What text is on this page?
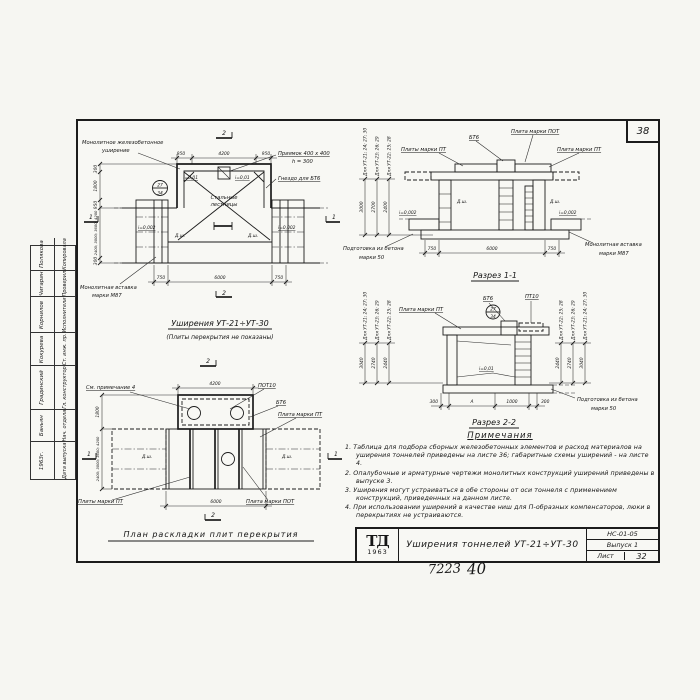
38
1963г.	Дата выпуска
Баньян	Нач. отдела
Градинский	Гл. конструктор
Кокурева	Ст. инж. пр.
Корнилов	Исполнители
Чигарин	Проверил
Полякова	Копировала
Монолитное железобетонное
уширение
950	4200	950 Приямок 400 х 400
h = 300
Гнездо для БТ6
i=0,01	i=0,01
Стальные
лестницы
27
34
i=0,002	i=0,002
Д.ш.	Д.ш.
300
1800
950
2400; 3000; 3600; 4200
300
750	6000	750
2
2
1	1
Монолитная вставка
марки М87
Уширения УТ-21÷УТ-30
(Плиты перекрытия не показаны)
Для УТ-21; 24; 27; 30 Для УТ-23; 26; 29 Для УТ-22; 25; 28
3000 2700 2400
Плиты марки ПТ
БТ6
Плита марки ПОТ
Плита марки ПТ
Д.ш.	Д.ш.
i=0,002	i=0,002
750	6000	750
Подготовка из бетона
марки 50
Монолитная вставка
марки М87
Разрез 1-1
Для УТ-21; 24; 27; 30 Для УТ-23; 26; 29 Для УТ-22; 25; 28
3040 2740 2440
Для УТ-22; 25; 28 Для УТ-23; 26; 29 Для УТ-21; 24; 27; 30
2440 2740 3040
Плита марки ПТ
БТ6	ПТ10
27
34
i=0,01
300	А	1000	300	Подготовка из бетона
марки 50
Разрез 2-2
2
4200
См. примечание 4	ПОТ10
БТ6
Плита марки ПТ
1800
2400; 3000; 3600; 4200	Д.ш.	Д.ш.
1	1
6000
Плиты марки ПТ	Плита марки ПОТ
2
План раскладки плит перекрытия
Примечания
1. Таблица для подбора сборных железобетонных элементов и расход материалов на уширения тоннелей приведены на листе 36; габаритные схемы уширений - на листе 4.
2. Опалубочные и арматурные чертежи монолитных конструкций уширений приведены в выпуске 3.
3. Уширения могут устраиваться в обе стороны от оси тоннеля с применением конструкций, приведенных на данном листе.
4. При использовании уширений в качестве ниш для П-образных компенсаторов, люки в перекрытиях не устраиваются.
ТД
1963
Уширения тоннелей УТ-21÷УТ-30
НС-01-05
Выпуск 1
Лист	32
7223 40
